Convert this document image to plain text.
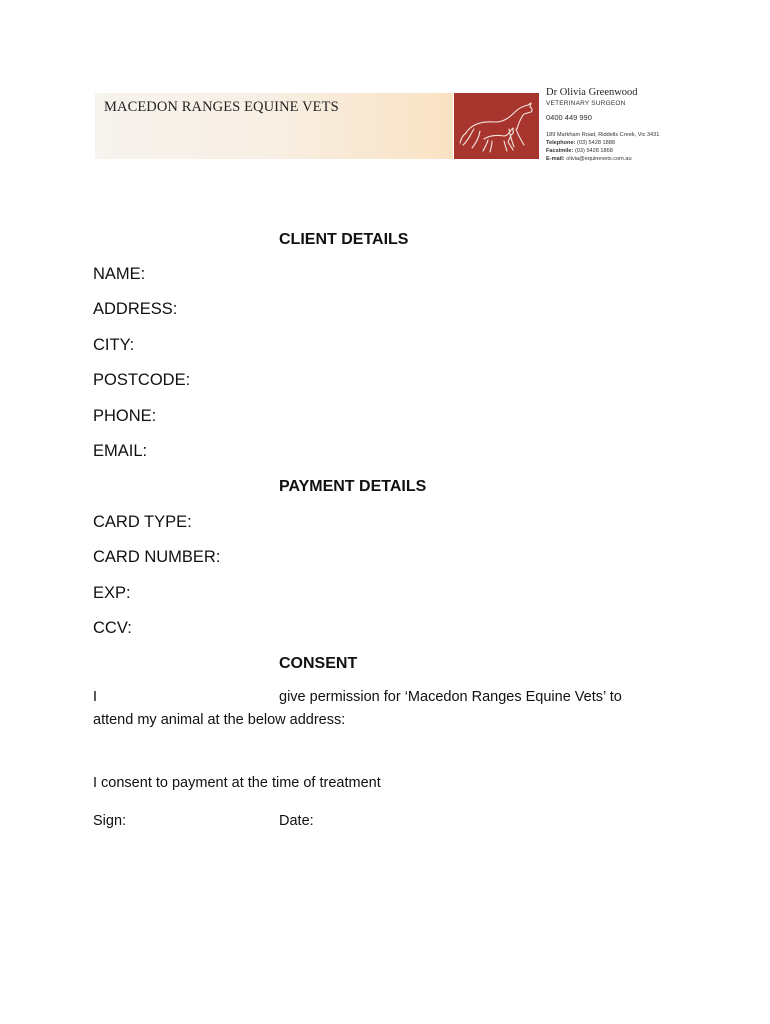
MACEDON RANGES EQUINE VETS
Dr Olivia Greenwood
VETERINARY SURGEON
0400 449 990
189 Markham Road, Riddells Creek, Vic 3431
Telephone: (03) 5428 1888
Facsimile: (03) 5428 1868
E-mail: olivia@equinevets.com.au
CLIENT DETAILS
NAME:
ADDRESS:
CITY:
POSTCODE:
PHONE:
EMAIL:
PAYMENT DETAILS
CARD TYPE:
CARD NUMBER:
EXP:
CCV:
CONSENT
I	give permission for ‘Macedon Ranges Equine Vets’ to
attend my animal at the below address:
I consent to payment at the time of treatment
Sign:	Date:
